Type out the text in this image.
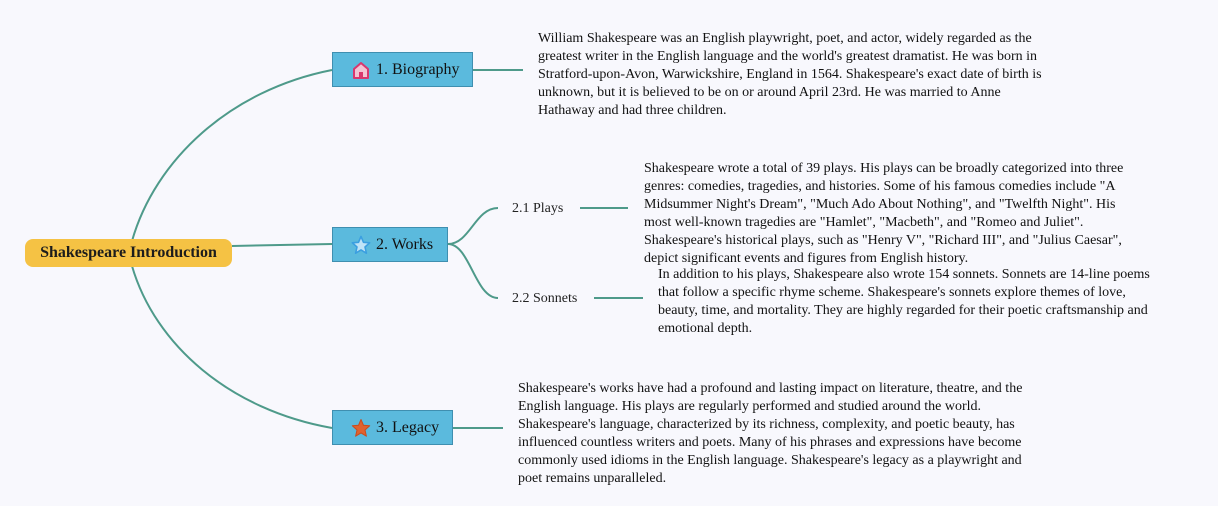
Shakespeare Introduction
1. Biography
2. Works
3. Legacy
2.1 Plays
2.2 Sonnets
William Shakespeare was an English playwright, poet, and actor, widely regarded as the greatest writer in the English language and the world's greatest dramatist. He was born in Stratford-upon-Avon, Warwickshire, England in 1564. Shakespeare's exact date of birth is unknown, but it is believed to be on or around April 23rd. He was married to Anne Hathaway and had three children.
Shakespeare wrote a total of 39 plays. His plays can be broadly categorized into three genres: comedies, tragedies, and histories. Some of his famous comedies include "A Midsummer Night's Dream", "Much Ado About Nothing", and "Twelfth Night". His most well-known tragedies are "Hamlet", "Macbeth", and "Romeo and Juliet". Shakespeare's historical plays, such as "Henry V", "Richard III", and "Julius Caesar", depict significant events and figures from English history.
In addition to his plays, Shakespeare also wrote 154 sonnets. Sonnets are 14-line poems that follow a specific rhyme scheme. Shakespeare's sonnets explore themes of love, beauty, time, and mortality. They are highly regarded for their poetic craftsmanship and emotional depth.
Shakespeare's works have had a profound and lasting impact on literature, theatre, and the English language. His plays are regularly performed and studied around the world. Shakespeare's language, characterized by its richness, complexity, and poetic beauty, has influenced countless writers and poets. Many of his phrases and expressions have become commonly used idioms in the English language. Shakespeare's legacy as a playwright and poet remains unparalleled.
